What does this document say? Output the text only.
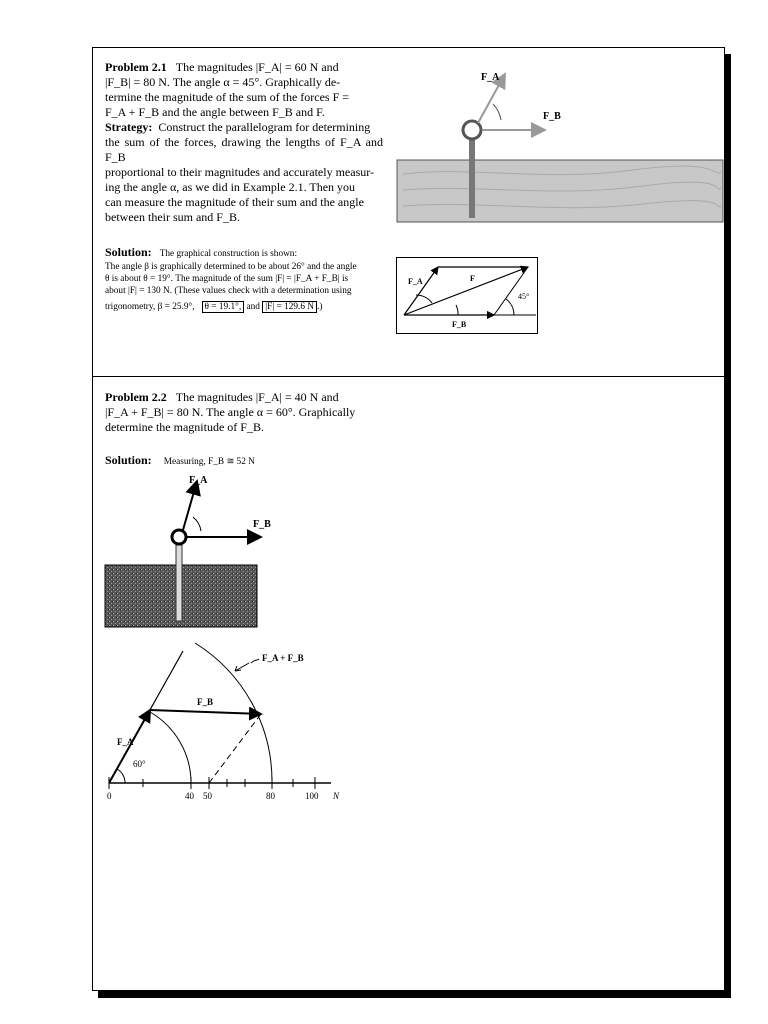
Problem 2.1 The magnitudes |F_A| = 60 N and
|F_B| = 80 N. The angle α = 45°. Graphically de-
termine the magnitude of the sum of the forces F =
F_A + F_B and the angle between F_B and F.
Strategy: Construct the parallelogram for determining
the sum of the forces, drawing the lengths of F_A and F_B
proportional to their magnitudes and accurately measur-
ing the angle α, as we did in Example 2.1. Then you
can measure the magnitude of their sum and the angle
between their sum and F_B.
F_A
F_B
Solution: The graphical construction is shown:
The angle β is graphically determined to be about 26° and the angle
θ is about θ = 19°. The magnitude of the sum |F| = |F_A + F_B| is
about |F| = 130 N. (These values check with a determination using
trigonometry, β = 25.9°, θ = 19.1°, and |F| = 129.6 N .)
F_A	F
F_B
45°
Problem 2.2 The magnitudes |F_A| = 40 N and
|F_A + F_B| = 80 N. The angle α = 60°. Graphically
determine the magnitude of F_B.
Solution: Measuring, F_B ≅ 52 N
F_A
F_B
F_A + F_B
F_B
F_A
60°
0	40 50	80	100 N
